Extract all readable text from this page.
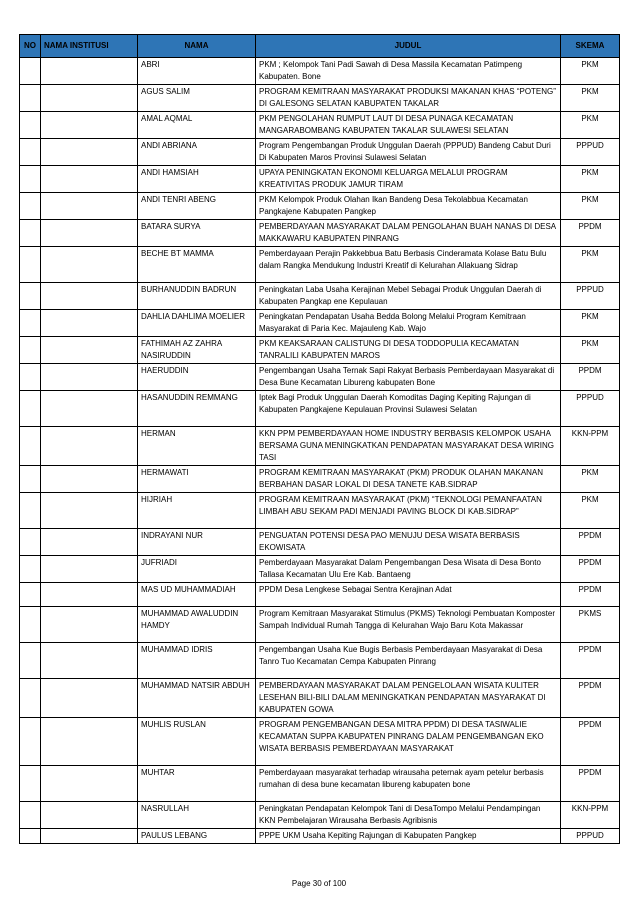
NO	NAMA INSTITUSI	NAMA	JUDUL	SKEMA
		ABRI	PKM ; Kelompok Tani Padi Sawah di Desa Massila Kecamatan Patimpeng Kabupaten. Bone	PKM
		AGUS SALIM	PROGRAM KEMITRAAN MASYARAKAT PRODUKSI MAKANAN KHAS “POTENG” DI GALESONG SELATAN KABUPATEN TAKALAR	PKM
		AMAL AQMAL	PKM PENGOLAHAN RUMPUT LAUT DI DESA PUNAGA KECAMATAN MANGARABOMBANG KABUPATEN TAKALAR SULAWESI SELATAN	PKM
		ANDI ABRIANA	Program Pengembangan Produk Unggulan Daerah (PPPUD) Bandeng Cabut Duri Di Kabupaten Maros Provinsi Sulawesi Selatan	PPPUD
		ANDI HAMSIAH	UPAYA PENINGKATAN EKONOMI KELUARGA MELALUI PROGRAM KREATIVITAS PRODUK JAMUR TIRAM	PKM
		ANDI TENRI ABENG	PKM Kelompok Produk Olahan Ikan Bandeng Desa Tekolabbua Kecamatan Pangkajene Kabupaten Pangkep	PKM
		BATARA SURYA	PEMBERDAYAAN MASYARAKAT DALAM PENGOLAHAN BUAH NANAS DI DESA MAKKAWARU KABUPATEN PINRANG	PPDM
		BECHE BT MAMMA	Pemberdayaan Perajin Pakkebbua Batu Berbasis Cinderamata Kolase Batu Bulu dalam Rangka Mendukung Industri Kreatif di Kelurahan Allakuang Sidrap	PKM
		BURHANUDDIN BADRUN	Peningkatan Laba Usaha Kerajinan Mebel Sebagai Produk Unggulan Daerah di Kabupaten Pangkap ene Kepulauan	PPPUD
		DAHLIA DAHLIMA MOELIER	Peningkatan Pendapatan Usaha Bedda Bolong Melalui Program Kemitraan Masyarakat di Paria Kec. Majauleng Kab. Wajo	PKM
		FATHIMAH AZ ZAHRA NASIRUDDIN	PKM KEAKSARAAN CALISTUNG DI DESA TODDOPULIA KECAMATAN TANRALILI KABUPATEN MAROS	PKM
		HAERUDDIN	Pengembangan Usaha Ternak Sapi Rakyat Berbasis Pemberdayaan Masyarakat di Desa Bune Kecamatan Libureng kabupaten Bone	PPDM
		HASANUDDIN REMMANG	Iptek Bagi Produk Unggulan Daerah Komoditas Daging Kepiting Rajungan di Kabupaten Pangkajene Kepulauan Provinsi Sulawesi Selatan	PPPUD
		HERMAN	KKN PPM PEMBERDAYAAN HOME INDUSTRY BERBASIS KELOMPOK USAHA BERSAMA GUNA MENINGKATKAN PENDAPATAN MASYARAKAT DESA WIRING TASI	KKN-PPM
		HERMAWATI	PROGRAM KEMITRAAN MASYARAKAT (PKM) PRODUK OLAHAN MAKANAN BERBAHAN DASAR LOKAL DI DESA TANETE KAB.SIDRAP	PKM
		HIJRIAH	PROGRAM KEMITRAAN MASYARAKAT (PKM) “TEKNOLOGI PEMANFAATAN LIMBAH ABU SEKAM PADI MENJADI PAVING BLOCK DI KAB.SIDRAP”	PKM
		INDRAYANI NUR	PENGUATAN POTENSI DESA PAO MENUJU DESA WISATA BERBASIS EKOWISATA	PPDM
		JUFRIADI	Pemberdayaan Masyarakat Dalam Pengembangan Desa Wisata di Desa Bonto Tallasa Kecamatan Ulu Ere Kab. Bantaeng	PPDM
		MAS UD MUHAMMADIAH	PPDM Desa Lengkese Sebagai Sentra Kerajinan Adat	PPDM
		MUHAMMAD AWALUDDIN HAMDY	Program Kemitraan Masyarakat Stimulus (PKMS) Teknologi Pembuatan Komposter Sampah Individual Rumah Tangga di Kelurahan Wajo Baru Kota Makassar	PKMS
		MUHAMMAD IDRIS	Pengembangan Usaha Kue Bugis Berbasis Pemberdayaan Masyarakat di Desa Tanro Tuo Kecamatan Cempa Kabupaten Pinrang	PPDM
		MUHAMMAD NATSIR ABDUH	PEMBERDAYAAN MASYARAKAT DALAM PENGELOLAAN WISATA KULITER LESEHAN BILI-BILI DALAM MENINGKATKAN PENDAPATAN MASYARAKAT DI KABUPATEN GOWA	PPDM
		MUHLIS RUSLAN	PROGRAM PENGEMBANGAN DESA MITRA PPDM) DI DESA TASIWALIE KECAMATAN SUPPA KABUPATEN PINRANG DALAM PENGEMBANGAN EKO WISATA BERBASIS PEMBERDAYAAN MASYARAKAT	PPDM
		MUHTAR	Pemberdayaan masyarakat terhadap wirausaha peternak ayam petelur berbasis rumahan di desa bune kecamatan libureng kabupaten bone	PPDM
		NASRULLAH	Peningkatan Pendapatan Kelompok Tani di DesaTompo Melalui Pendampingan KKN Pembelajaran Wirausaha Berbasis Agribisnis	KKN-PPM
		PAULUS LEBANG	PPPE UKM Usaha Kepiting Rajungan di Kabupaten Pangkep	PPPUD
Page 30 of 100
